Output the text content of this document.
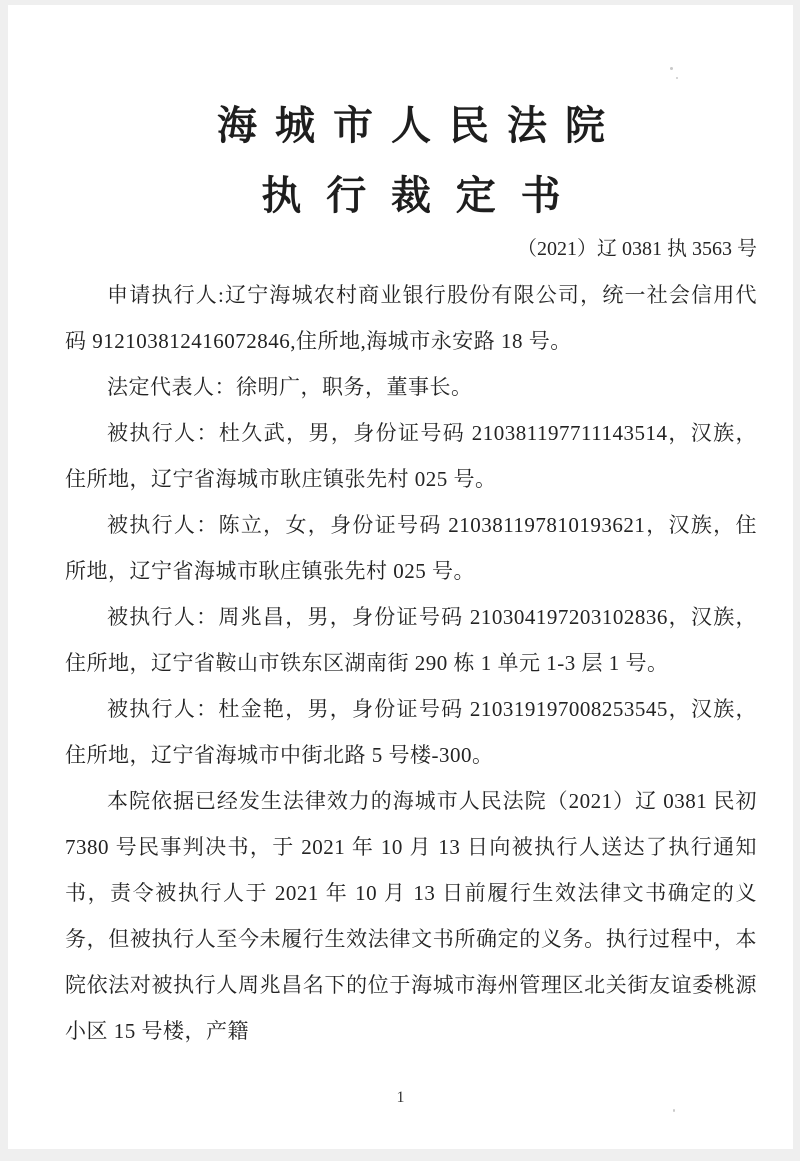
海城市人民法院
执行裁定书
（2021）辽 0381 执 3563 号

申请执行人:辽宁海城农村商业银行股份有限公司，统一社会信用代码 912103812416072846,住所地,海城市永安路 18 号。

法定代表人：徐明广，职务，董事长。

被执行人：杜久武，男，身份证号码 210381197711143514，汉族，住所地，辽宁省海城市耿庄镇张先村 025 号。

被执行人：陈立，女，身份证号码 210381197810193621，汉族，住所地，辽宁省海城市耿庄镇张先村 025 号。

被执行人：周兆昌，男，身份证号码 210304197203102836，汉族，住所地，辽宁省鞍山市铁东区湖南街 290 栋 1 单元 1-3 层 1 号。

被执行人：杜金艳，男，身份证号码 210319197008253545，汉族，住所地，辽宁省海城市中街北路 5 号楼-300。

本院依据已经发生法律效力的海城市人民法院（2021）辽 0381 民初 7380 号民事判决书，于 2021 年 10 月 13 日向被执行人送达了执行通知书，责令被执行人于 2021 年 10 月 13 日前履行生效法律文书确定的义务，但被执行人至今未履行生效法律文书所确定的义务。执行过程中，本院依法对被执行人周兆昌名下的位于海城市海州管理区北关街友谊委桃源小区 15 号楼，产籍

1
